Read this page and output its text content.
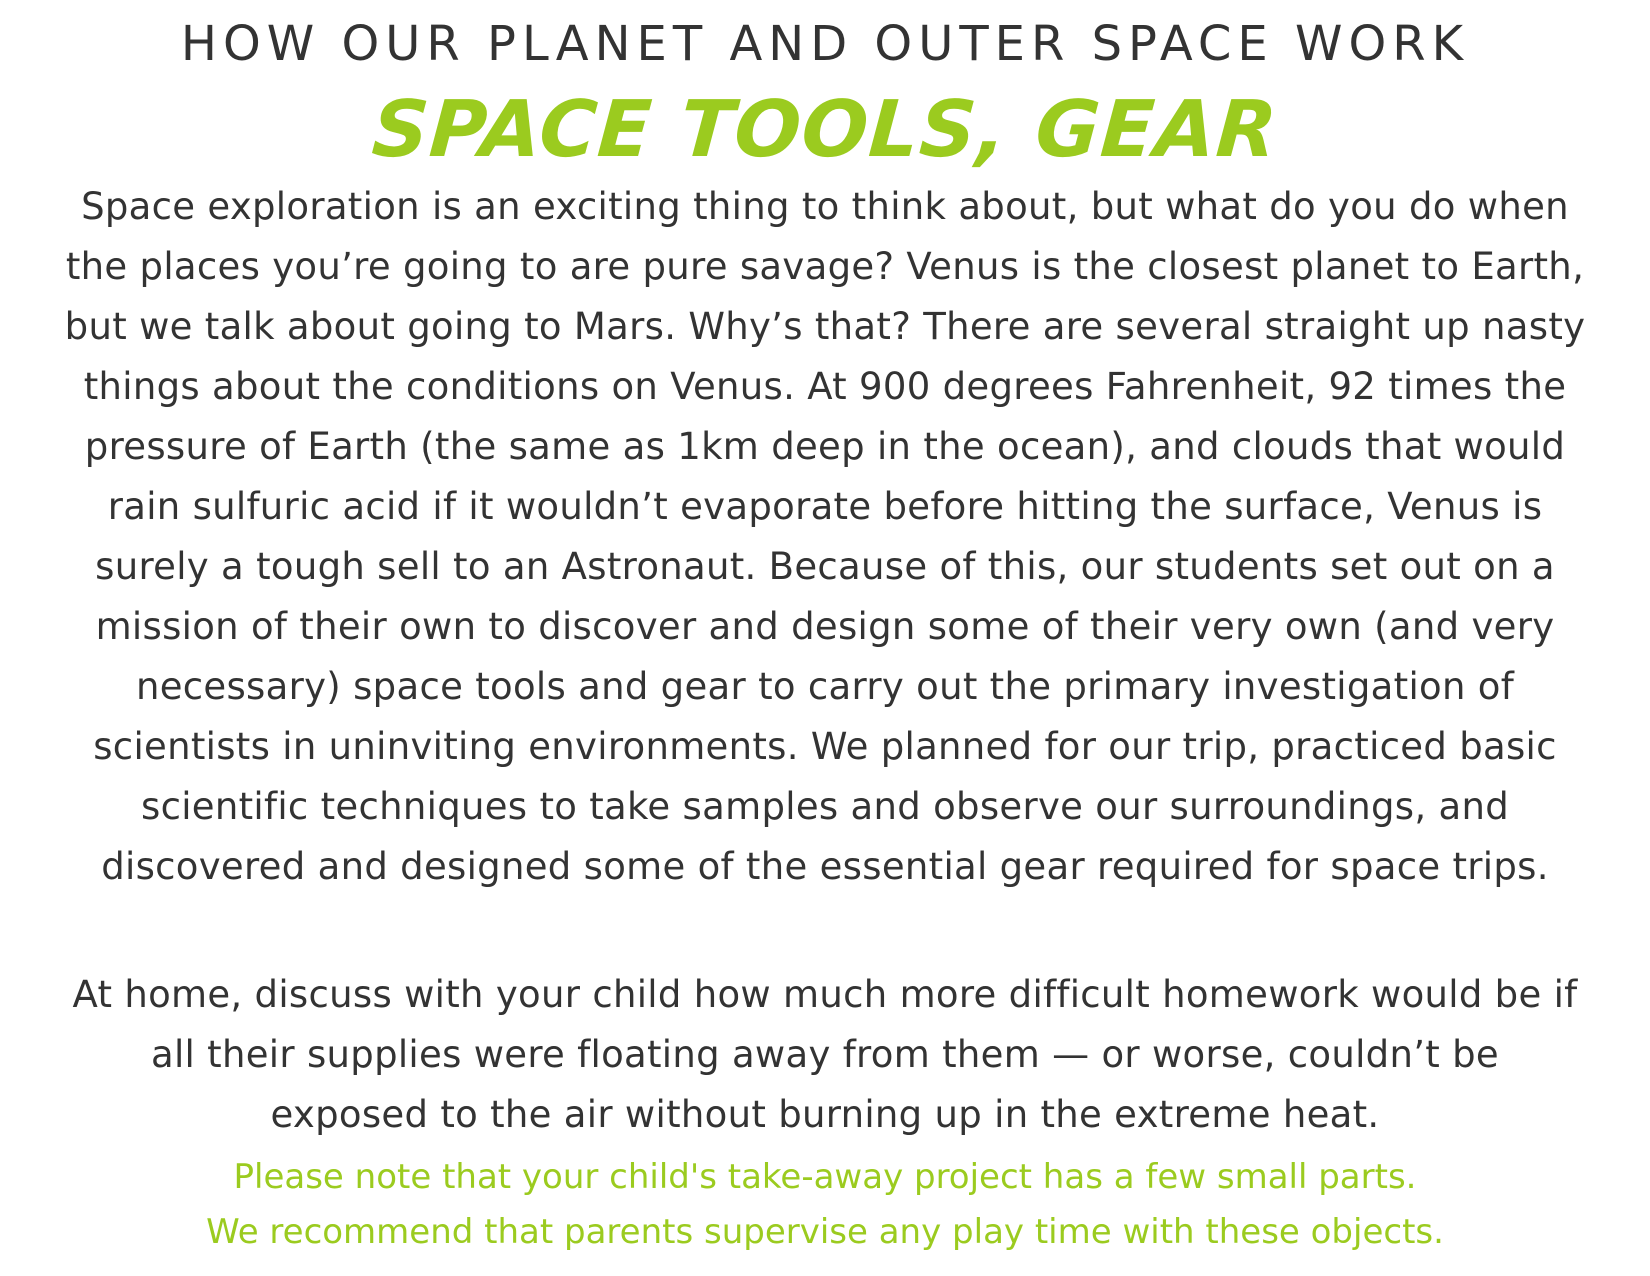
HOW OUR PLANET AND OUTER SPACE WORK
SPACE TOOLS, GEAR
Space exploration is an exciting thing to think about, but what do you do when
the places you’re going to are pure savage? Venus is the closest planet to Earth,
but we talk about going to Mars. Why’s that? There are several straight up nasty
things about the conditions on Venus. At 900 degrees Fahrenheit, 92 times the
pressure of Earth (the same as 1km deep in the ocean), and clouds that would
rain sulfuric acid if it wouldn’t evaporate before hitting the surface, Venus is
surely a tough sell to an Astronaut. Because of this, our students set out on a
mission of their own to discover and design some of their very own (and very
necessary) space tools and gear to carry out the primary investigation of
scientists in uninviting environments. We planned for our trip, practiced basic
scientific techniques to take samples and observe our surroundings, and
discovered and designed some of the essential gear required for space trips.
At home, discuss with your child how much more difficult homework would be if
all their supplies were floating away from them — or worse, couldn’t be
exposed to the air without burning up in the extreme heat.

Please note that your child's take-away project has a few small parts.

We recommend that parents supervise any play time with these objects.
